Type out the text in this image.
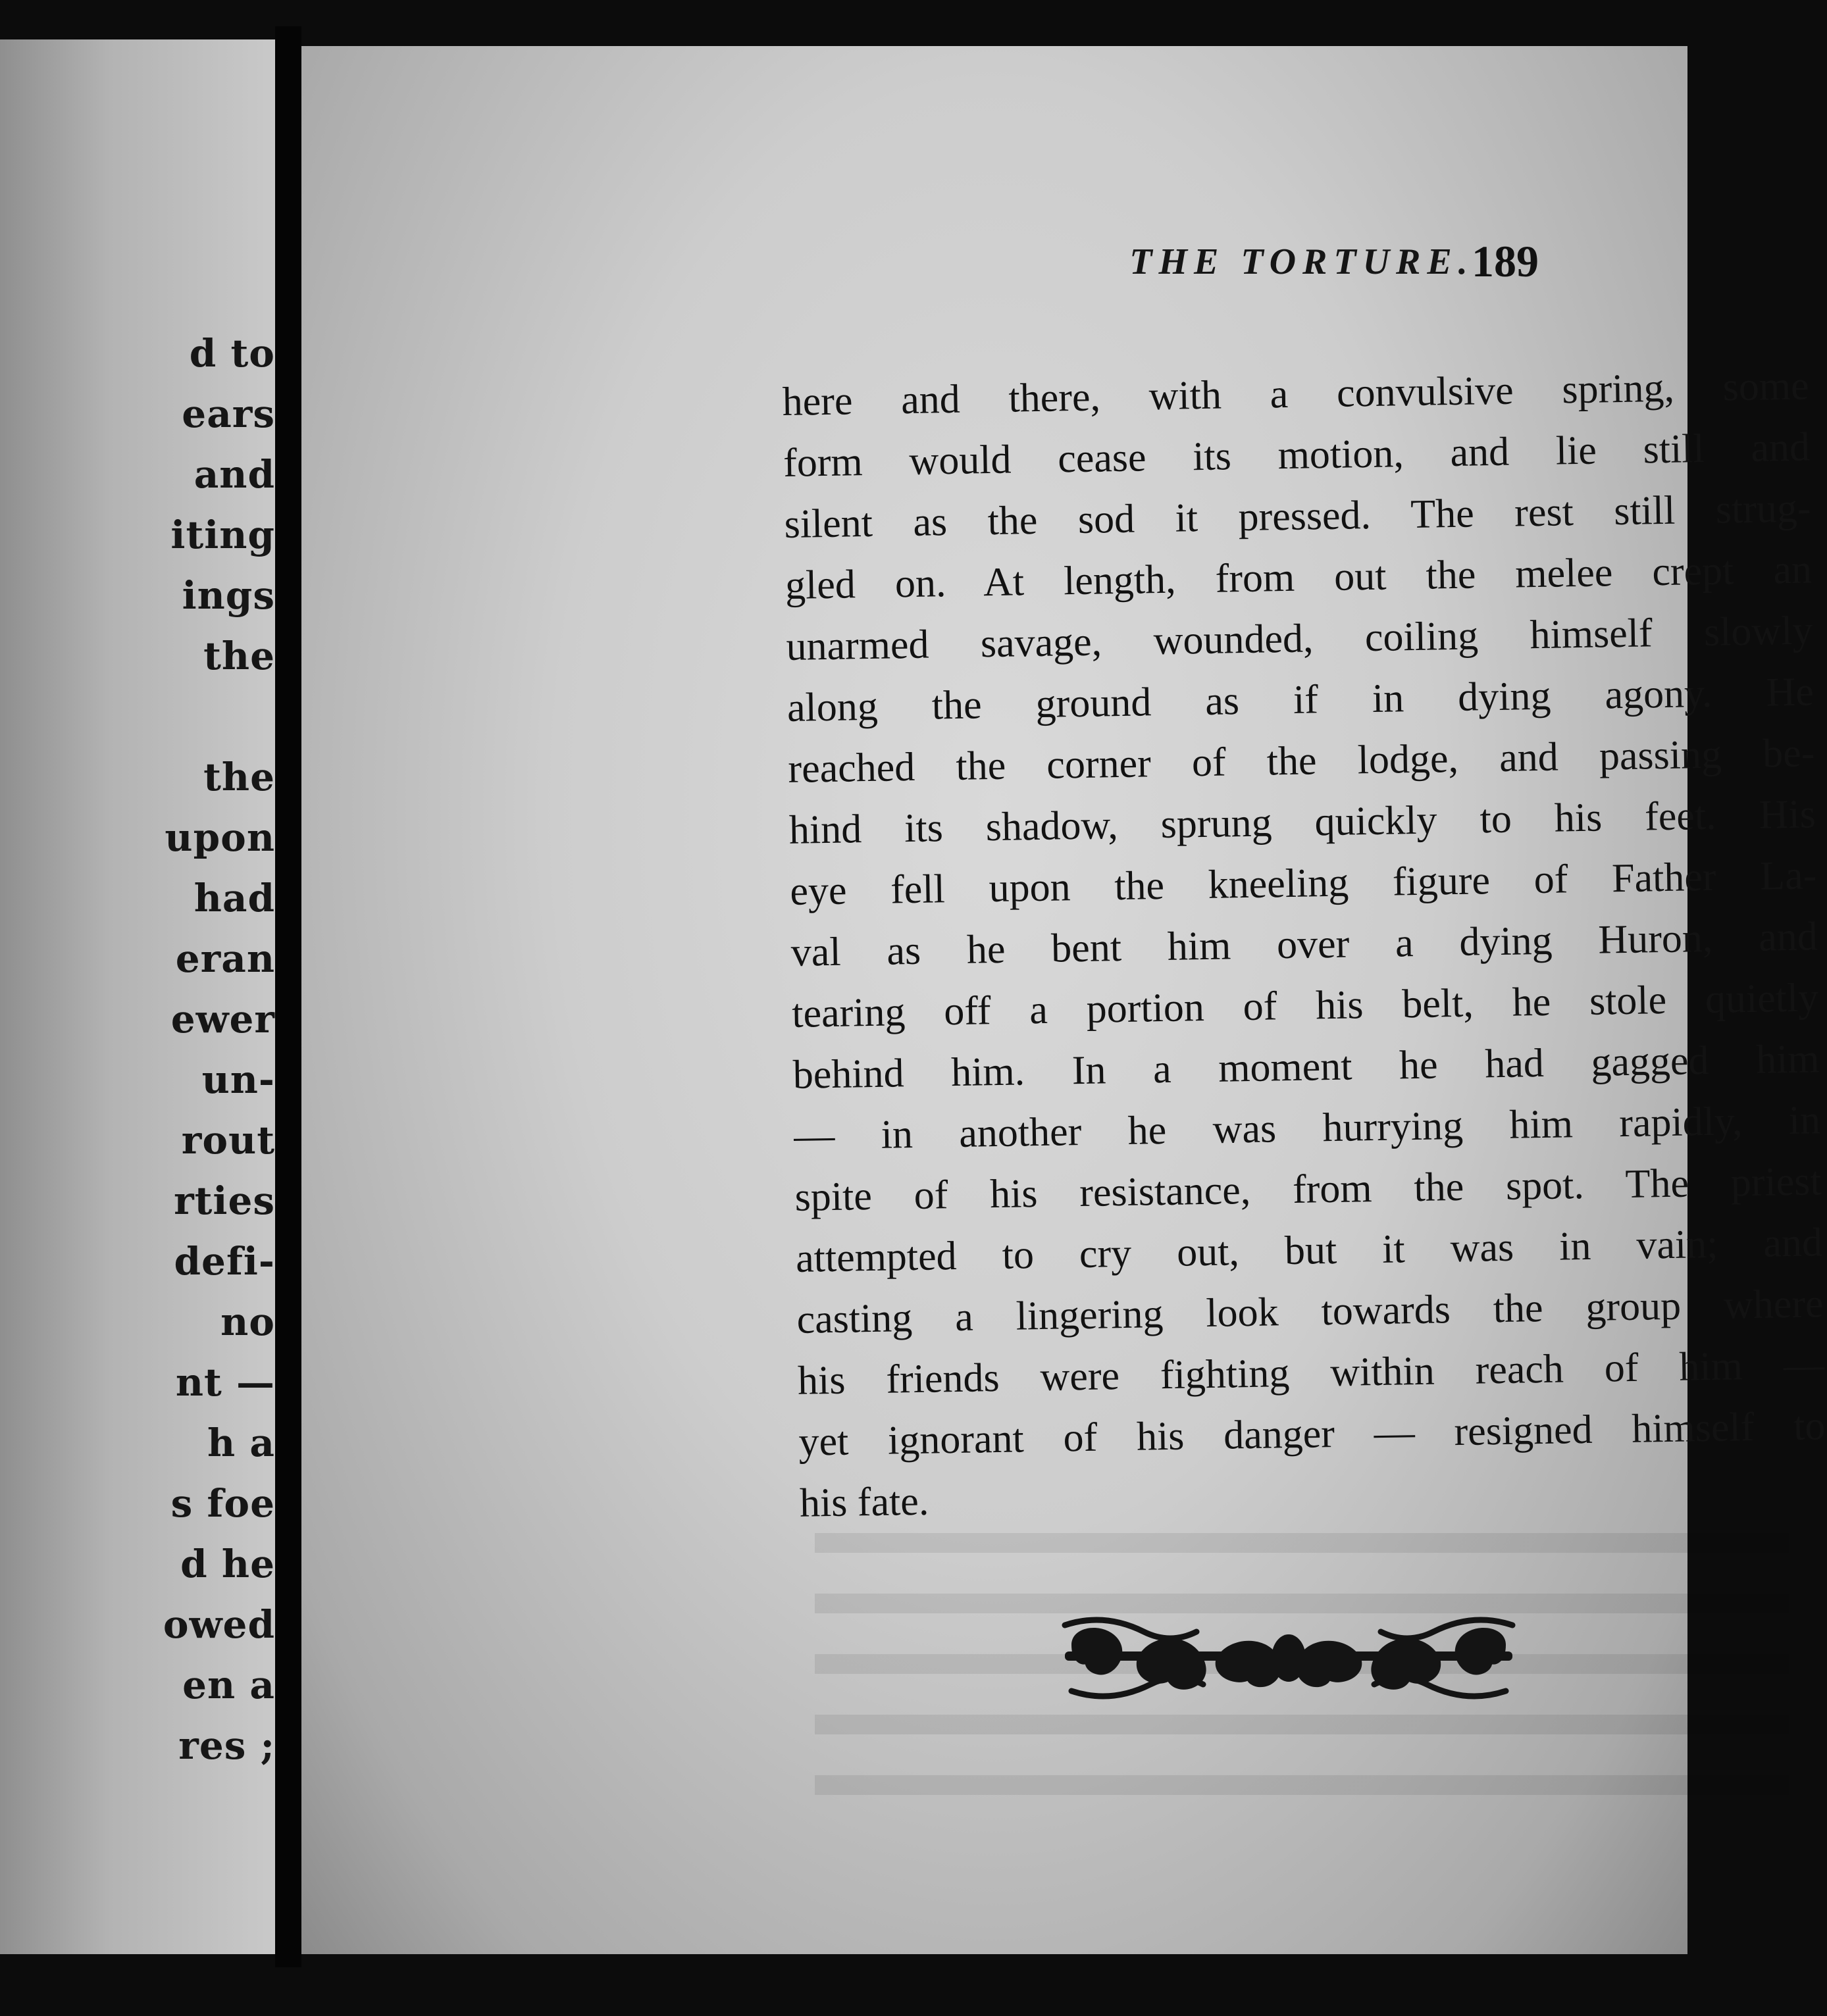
d to
ears
and
iting
ings
the
the
upon
had
eran
ewer
un-
rout
rties
defi-
no
nt —
h a
s foe
d he
owed
en a
res ;
THE TORTURE.
189
here and there, with a convulsive spring, some
form would cease its motion, and lie still and
silent as the sod it pressed. The rest still strug-
gled on. At length, from out the melee crept an
unarmed savage, wounded, coiling himself slowly
along the ground as if in dying agony. He
reached the corner of the lodge, and passing be-
hind its shadow, sprung quickly to his feet. His
eye fell upon the kneeling figure of Father La-
val as he bent him over a dying Huron, and
tearing off a portion of his belt, he stole quietly
behind him. In a moment he had gagged him
— in another he was hurrying him rapidly, in
spite of his resistance, from the spot. The priest
attempted to cry out, but it was in vain; and
casting a lingering look towards the group where
his friends were fighting within reach of him —
yet ignorant of his danger — resigned himself to
his fate.
